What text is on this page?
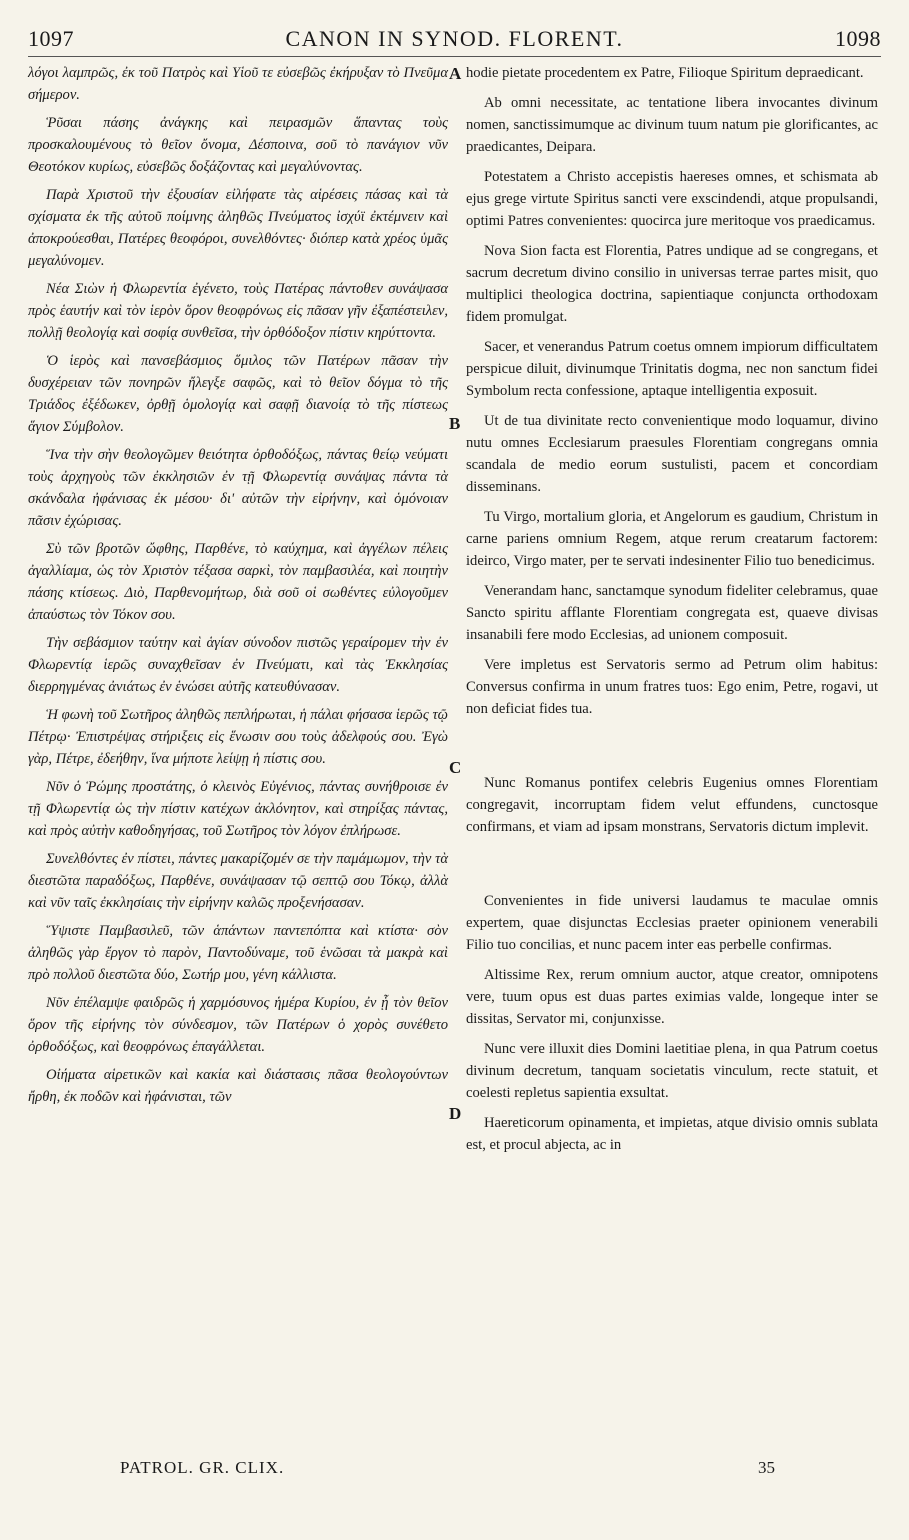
1097	CANON IN SYNOD. FLORENT.	1098

λόγοι λαμπρῶς, ἐκ τοῦ Πατρὸς καὶ Υἱοῦ τε εὐσεβῶς ἐκήρυξαν τὸ Πνεῦμα σήμερον.

Ῥῦσαι πάσης ἀνάγκης καὶ πειρασμῶν ἅπαντας τοὺς προσκαλουμένους τὸ θεῖον ὄνομα, Δέσποινα, σοῦ τὸ πανάγιον νῦν Θεοτόκον κυρίως, εὐσεβῶς δοξάζοντας καὶ μεγαλύνοντας.

Παρὰ Χριστοῦ τὴν ἐξουσίαν εἰλήφατε τὰς αἱρέσεις πάσας καὶ τὰ σχίσματα ἐκ τῆς αὐτοῦ ποίμνης ἀληθῶς Πνεύματος ἰσχύϊ ἐκτέμνειν καὶ ἀποκρούεσθαι, Πατέρες θεοφόροι, συνελθόντες· διόπερ κατὰ χρέος ὑμᾶς μεγαλύνομεν.

Νέα Σιὼν ἡ Φλωρεντία ἐγένετο, τοὺς Πατέρας πάντοθεν συνάψασα πρὸς ἑαυτήν καὶ τὸν ἱερὸν ὅρον θεοφρόνως εἰς πᾶσαν γῆν ἐξαπέστειλεν, πολλῇ θεολογίᾳ καὶ σοφίᾳ συνθεῖσα, τὴν ὀρθόδοξον πίστιν κηρύττοντα.

Ὁ ἱερὸς καὶ πανσεβάσμιος ὅμιλος τῶν Πατέρων πᾶσαν τὴν δυσχέρειαν τῶν πονηρῶν ἤλεγξε σαφῶς, καὶ τὸ θεῖον δόγμα τὸ τῆς Τριάδος ἐξέδωκεν, ὀρθῇ ὁμολογίᾳ καὶ σαφῇ διανοίᾳ τὸ τῆς πίστεως ἅγιον Σύμβολον.

Ἵνα τὴν σὴν θεολογῶμεν θειότητα ὀρθοδόξως, πάντας θείῳ νεύματι τοὺς ἀρχηγοὺς τῶν ἐκκλησιῶν ἐν τῇ Φλωρεντίᾳ συνάψας πάντα τὰ σκάνδαλα ἠφάνισας ἐκ μέσου· δι' αὐτῶν τὴν εἰρήνην, καὶ ὁμόνοιαν πᾶσιν ἐχώρισας.

Σὺ τῶν βροτῶν ὤφθης, Παρθένε, τὸ καύχημα, καὶ ἀγγέλων πέλεις ἀγαλλίαμα, ὡς τὸν Χριστὸν τέξασα σαρκὶ, τὸν παμβασιλέα, καὶ ποιητὴν πάσης κτίσεως. Διὸ, Παρθενομήτωρ, διὰ σοῦ οἱ σωθέντες εὐλογοῦμεν ἀπαύστως τὸν Τόκον σου.

Τὴν σεβάσμιον ταύτην καὶ ἁγίαν σύνοδον πιστῶς γεραίρομεν τὴν ἐν Φλωρεντίᾳ ἱερῶς συναχθεῖσαν ἐν Πνεύματι, καὶ τὰς Ἐκκλησίας διερρηγμένας ἀνιάτως ἐν ἑνώσει αὐτῆς κατευθύνασαν.

Ἡ φωνὴ τοῦ Σωτῆρος ἀληθῶς πεπλήρωται, ἡ πάλαι φήσασα ἱερῶς τῷ Πέτρῳ· Ἐπιστρέψας στήριξεις εἰς ἕνωσιν σου τοὺς ἀδελφούς σου. Ἐγὼ γὰρ, Πέτρε, ἐδεήθην, ἵνα μήποτε λείψῃ ἡ πίστις σου.

Νῦν ὁ Ῥώμης προστάτης, ὁ κλεινὸς Εὐγένιος, πάντας συνήθροισε ἐν τῇ Φλωρεντίᾳ ὡς τὴν πίστιν κατέχων ἀκλόνητον, καὶ στηρίξας πάντας, καὶ πρὸς αὐτὴν καθοδηγήσας, τοῦ Σωτῆρος τὸν λόγον ἐπλήρωσε.

Συνελθόντες ἐν πίστει, πάντες μακαρίζομέν σε τὴν παμάμωμον, τὴν τὰ διεστῶτα παραδόξως, Παρθένε, συνάψασαν τῷ σεπτῷ σου Τόκῳ, ἀλλὰ καὶ νῦν ταῖς ἐκκλησίαις τὴν εἰρήνην καλῶς προξενήσασαν.

Ὕψιστε Παμβασιλεῦ, τῶν ἁπάντων παντεπόπτα καὶ κτίστα· σὸν ἀληθῶς γὰρ ἔργον τὸ παρὸν, Παντοδύναμε, τοῦ ἑνῶσαι τὰ μακρὰ καὶ πρὸ πολλοῦ διεστῶτα δύο, Σωτήρ μου, γένη κάλλιστα.

Νῦν ἐπέλαμψε φαιδρῶς ἡ χαρμόσυνος ἡμέρα Κυρίου, ἐν ᾗ τὸν θεῖον ὅρον τῆς εἰρήνης τὸν σύνδεσμον, τῶν Πατέρων ὁ χορὸς συνέθετο ὀρθοδόξως, καὶ θεοφρόνως ἐπαγάλλεται.

Οἰήματα αἱρετικῶν καὶ κακία καὶ διάστασις πᾶσα θεολογούντων ἤρθη, ἐκ ποδῶν καὶ ἠφάνισται, τῶν

hodie pietate procedentem ex Patre, Filioque Spiritum depraedicant.

Ab omni necessitate, ac tentatione libera invocantes divinum nomen, sanctissimumque ac divinum tuum natum pie glorificantes, ac praedicantes, Deipara.

Potestatem a Christo accepistis haereses omnes, et schismata ab ejus grege virtute Spiritus sancti vere exscindendi, atque propulsandi, optimi Patres convenientes: quocirca jure meritoque vos praedicamus.

Nova Sion facta est Florentia, Patres undique ad se congregans, et sacrum decretum divino consilio in universas terrae partes misit, quo multiplici theologica doctrina, sapientiaque conjuncta orthodoxam fidem promulgat.

Sacer, et venerandus Patrum coetus omnem impiorum difficultatem perspicue diluit, divinumque Trinitatis dogma, nec non sanctum fidei Symbolum recta confessione, aptaque intelligentia exposuit.

Ut de tua divinitate recto convenientique modo loquamur, divino nutu omnes Ecclesiarum praesules Florentiam congregans omnia scandala de medio eorum sustulisti, pacem et concordiam disseminans.

Tu Virgo, mortalium gloria, et Angelorum es gaudium, Christum in carne pariens omnium Regem, atque rerum creatarum factorem: ideirco, Virgo mater, per te servati indesinenter Filio tuo benedicimus.

Venerandam hanc, sanctamque synodum fideliter celebramus, quae Sancto spiritu afflante Florentiam congregata est, quaeve divisas insanabili fere modo Ecclesias, ad unionem composuit.

Vere impletus est Servatoris sermo ad Petrum olim habitus: Conversus confirma in unum fratres tuos: Ego enim, Petre, rogavi, ut non deficiat fides tua.

Nunc Romanus pontifex celebris Eugenius omnes Florentiam congregavit, incorruptam fidem velut effundens, cunctosque confirmans, et viam ad ipsam monstrans, Servatoris dictum implevit.

Convenientes in fide universi laudamus te maculae omnis expertem, quae disjunctas Ecclesias praeter opinionem venerabili Filio tuo concilias, et nunc pacem inter eas perbelle confirmas.

Altissime Rex, rerum omnium auctor, atque creator, omnipotens vere, tuum opus est duas partes eximias valde, longeque inter se dissitas, Servator mi, conjunxisse.

Nunc vere illuxit dies Domini laetitiae plena, in qua Patrum coetus divinum decretum, tanquam societatis vinculum, recte statuit, et coelesti repletus sapientia exsultat.

Haereticorum opinamenta, et impietas, atque divisio omnis sublata est, et procul abjecta, ac in

A
B
C
D
PATROL. GR. CLIX.	35
